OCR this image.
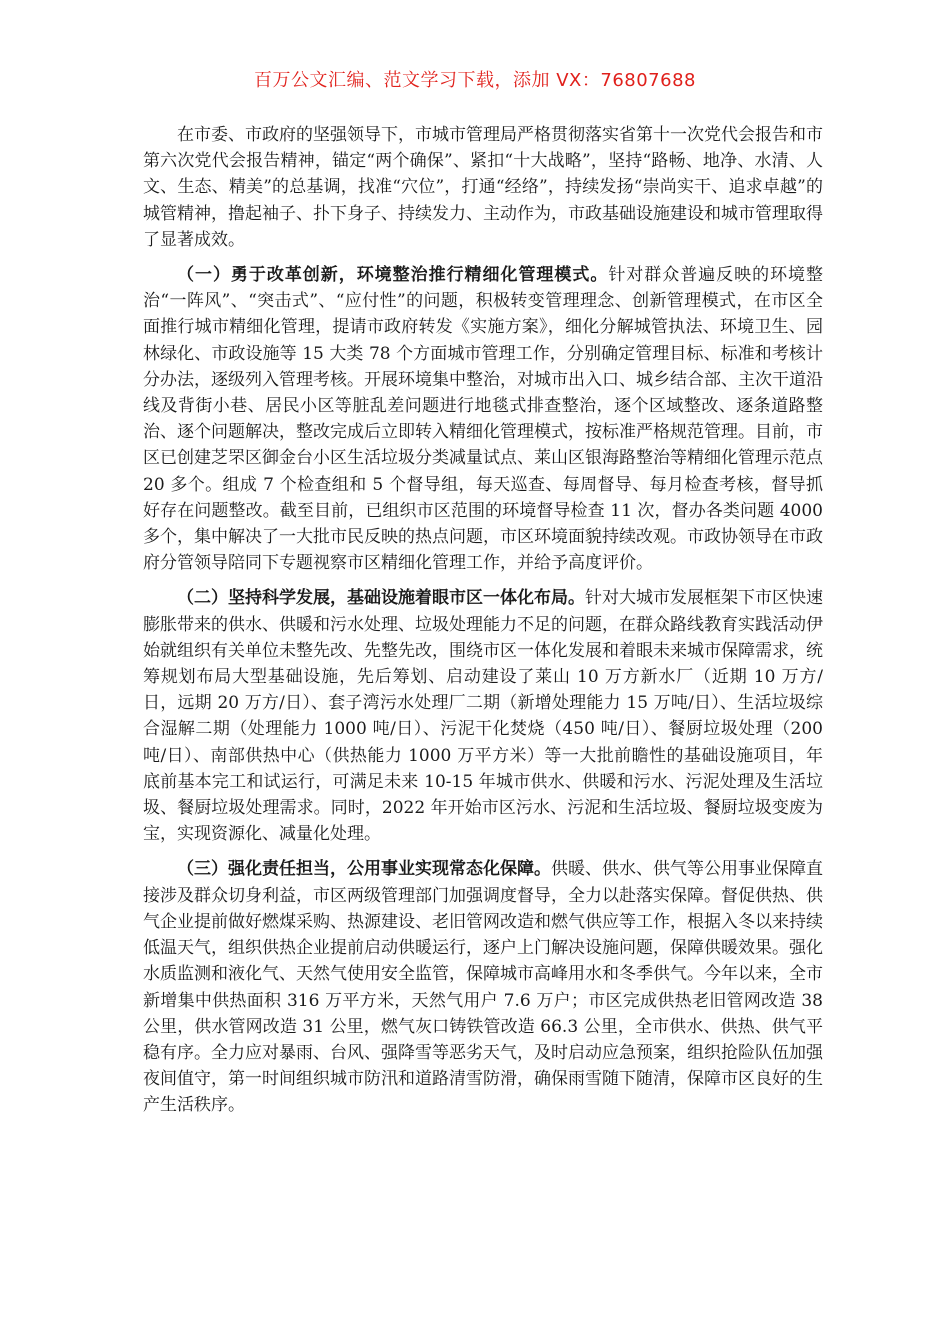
百万公文汇编、范文学习下载，添加 VX：76807688

在市委、市政府的坚强领导下，市城市管理局严格贯彻落实省第十一次党代会报告和市第六次党代会报告精神，锚定“两个确保”、紧扣“十大战略”，坚持“路畅、地净、水清、人文、生态、精美”的总基调，找准“穴位”，打通“经络”，持续发扬“崇尚实干、追求卓越”的城管精神，撸起袖子、扑下身子、持续发力、主动作为，市政基础设施建设和城市管理取得了显著成效。

（一）勇于改革创新，环境整治推行精细化管理模式。针对群众普遍反映的环境整治“一阵风”、“突击式”、“应付性”的问题，积极转变管理理念、创新管理模式，在市区全面推行城市精细化管理，提请市政府转发《实施方案》，细化分解城管执法、环境卫生、园林绿化、市政设施等 15 大类 78 个方面城市管理工作，分别确定管理目标、标准和考核计分办法，逐级列入管理考核。开展环境集中整治，对城市出入口、城乡结合部、主次干道沿线及背街小巷、居民小区等脏乱差问题进行地毯式排查整治，逐个区域整改、逐条道路整治、逐个问题解决，整改完成后立即转入精细化管理模式，按标准严格规范管理。目前，市区已创建芝罘区御金台小区生活垃圾分类减量试点、莱山区银海路整治等精细化管理示范点 20 多个。组成 7 个检查组和 5 个督导组，每天巡查、每周督导、每月检查考核，督导抓好存在问题整改。截至目前，已组织市区范围的环境督导检查 11 次，督办各类问题 4000 多个，集中解决了一大批市民反映的热点问题，市区环境面貌持续改观。市政协领导在市政府分管领导陪同下专题视察市区精细化管理工作，并给予高度评价。

（二）坚持科学发展，基础设施着眼市区一体化布局。针对大城市发展框架下市区快速膨胀带来的供水、供暖和污水处理、垃圾处理能力不足的问题，在群众路线教育实践活动伊始就组织有关单位未整先改、先整先改，围绕市区一体化发展和着眼未来城市保障需求，统筹规划布局大型基础设施，先后筹划、启动建设了莱山 10 万方新水厂（近期 10 万方/日，远期 20 万方/日）、套子湾污水处理厂二期（新增处理能力 15 万吨/日）、生活垃圾综合湿解二期（处理能力 1000 吨/日）、污泥干化焚烧（450 吨/日）、餐厨垃圾处理（200 吨/日）、南部供热中心（供热能力 1000 万平方米）等一大批前瞻性的基础设施项目，年底前基本完工和试运行，可满足未来 10-15 年城市供水、供暖和污水、污泥处理及生活垃圾、餐厨垃圾处理需求。同时，2022 年开始市区污水、污泥和生活垃圾、餐厨垃圾变废为宝，实现资源化、减量化处理。

（三）强化责任担当，公用事业实现常态化保障。供暖、供水、供气等公用事业保障直接涉及群众切身利益，市区两级管理部门加强调度督导，全力以赴落实保障。督促供热、供气企业提前做好燃煤采购、热源建设、老旧管网改造和燃气供应等工作，根据入冬以来持续低温天气，组织供热企业提前启动供暖运行，逐户上门解决设施问题，保障供暖效果。强化水质监测和液化气、天然气使用安全监管，保障城市高峰用水和冬季供气。今年以来，全市新增集中供热面积 316 万平方米，天然气用户 7.6 万户；市区完成供热老旧管网改造 38 公里，供水管网改造 31 公里，燃气灰口铸铁管改造 66.3 公里，全市供水、供热、供气平稳有序。全力应对暴雨、台风、强降雪等恶劣天气，及时启动应急预案，组织抢险队伍加强夜间值守，第一时间组织城市防汛和道路清雪防滑，确保雨雪随下随清，保障市区良好的生产生活秩序。
